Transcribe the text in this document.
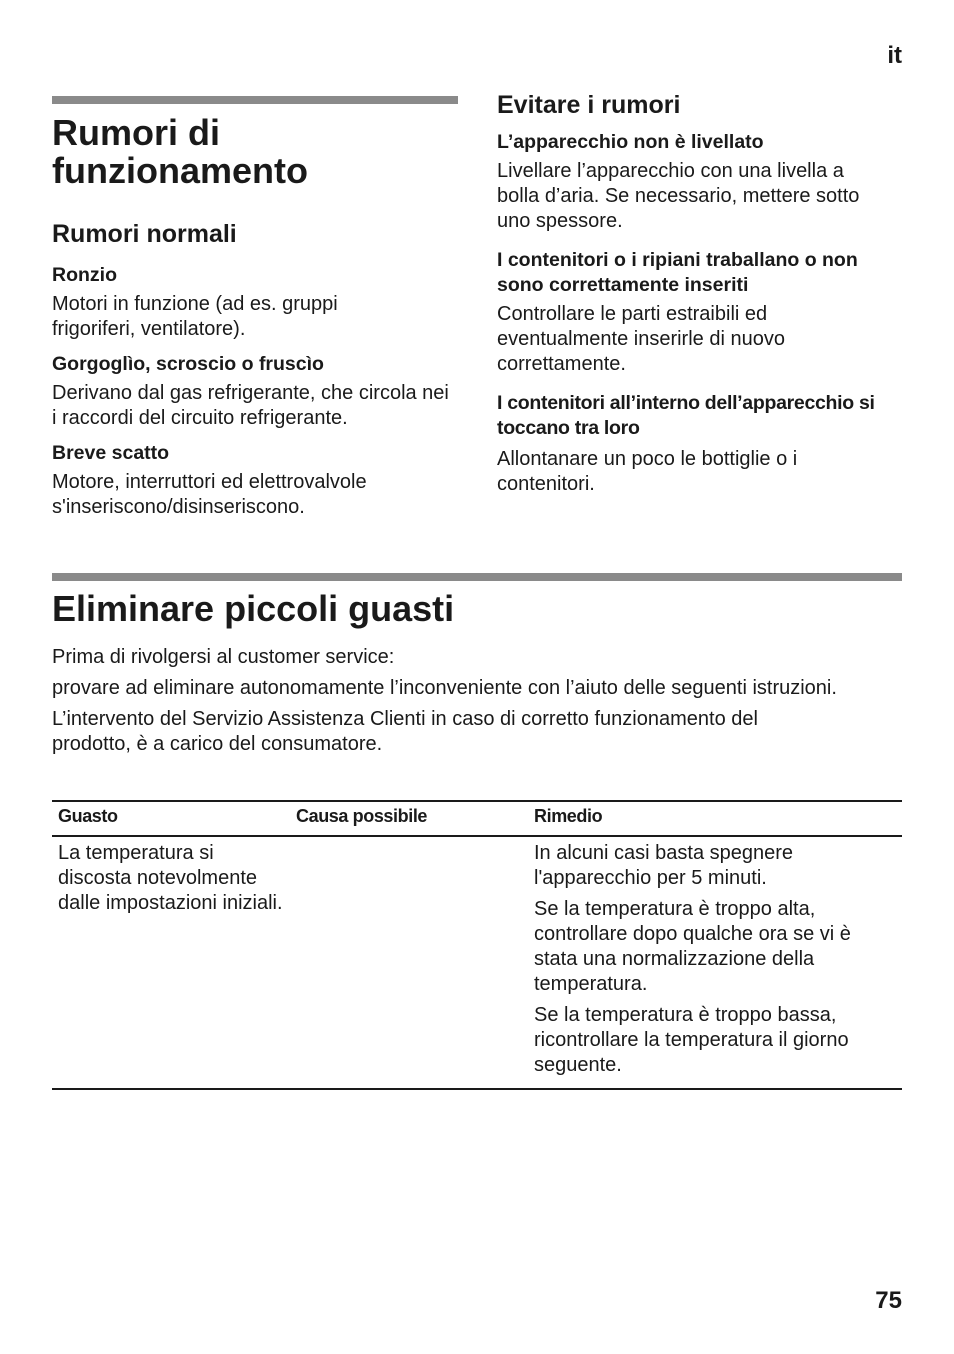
it
Rumori di funzionamento
Rumori normali
Ronzio

Motori in funzione (ad es. gruppi frigoriferi, ventilatore).

Gorgoglìo, scroscio o fruscìo

Derivano dal gas refrigerante, che circola nei i raccordi del circuito refrigerante.

Breve scatto

Motore, interruttori ed elettrovalvole s'inseriscono/disinseriscono.

Evitare i rumori
L’apparecchio non è livellato

Livellare l’apparecchio con una livella a bolla d’aria. Se necessario, mettere sotto uno spessore.

I contenitori o i ripiani traballano o non sono correttamente inseriti

Controllare le parti estraibili ed eventualmente inserirle di nuovo correttamente.

I contenitori all’interno dell’apparecchio si toccano tra loro

Allontanare un poco le bottiglie o i contenitori.

Eliminare piccoli guasti

Prima di rivolgersi al customer service:

provare ad eliminare autonomamente l’inconveniente con l’aiuto delle seguenti istruzioni.

L’intervento del Servizio Assistenza Clienti in caso di corretto funzionamento del prodotto, è a carico del consumatore.

Guasto	Causa possibile	Rimedio

La temperatura si discosta notevolmente dalle impostazioni iniziali.		In alcuni casi basta spegnere l'apparecchio per 5 minuti.

Se la temperatura è troppo alta, controllare dopo qualche ora se vi è stata una normalizzazione della temperatura.

Se la temperatura è troppo bassa, ricontrollare la temperatura il giorno seguente.

75
